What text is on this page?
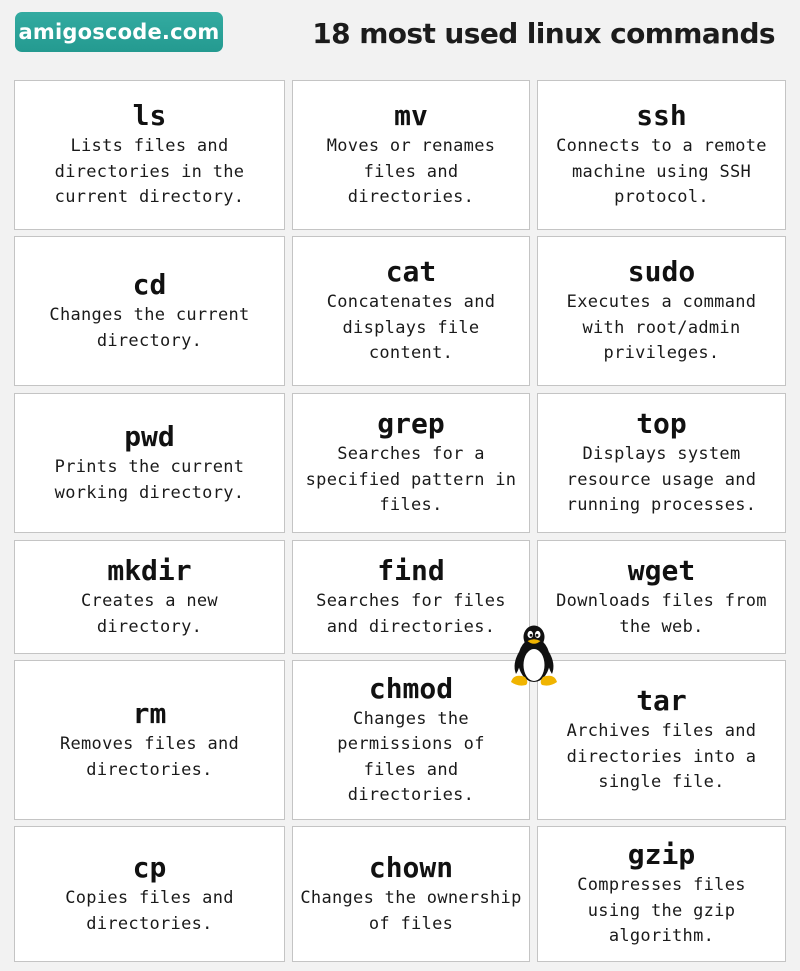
amigoscode.com	18 most used linux commands
ls
Lists files and directories in the current directory.
mv
Moves or renames files and directories.
ssh
Connects to a remote machine using SSH protocol.
cd
Changes the current directory.
cat
Concatenates and displays file content.
sudo
Executes a command with root/admin privileges.
pwd
Prints the current working directory.
grep
Searches for a specified pattern in files.
top
Displays system resource usage and running processes.
mkdir
Creates a new directory.
find
Searches for files and directories.
wget
Downloads files from the web.
rm
Removes files and directories.
chmod
Changes the permissions of files and directories.
tar
Archives files and directories into a single file.
cp
Copies files and directories.
chown
Changes the ownership of files
gzip
Compresses files using the gzip algorithm.
